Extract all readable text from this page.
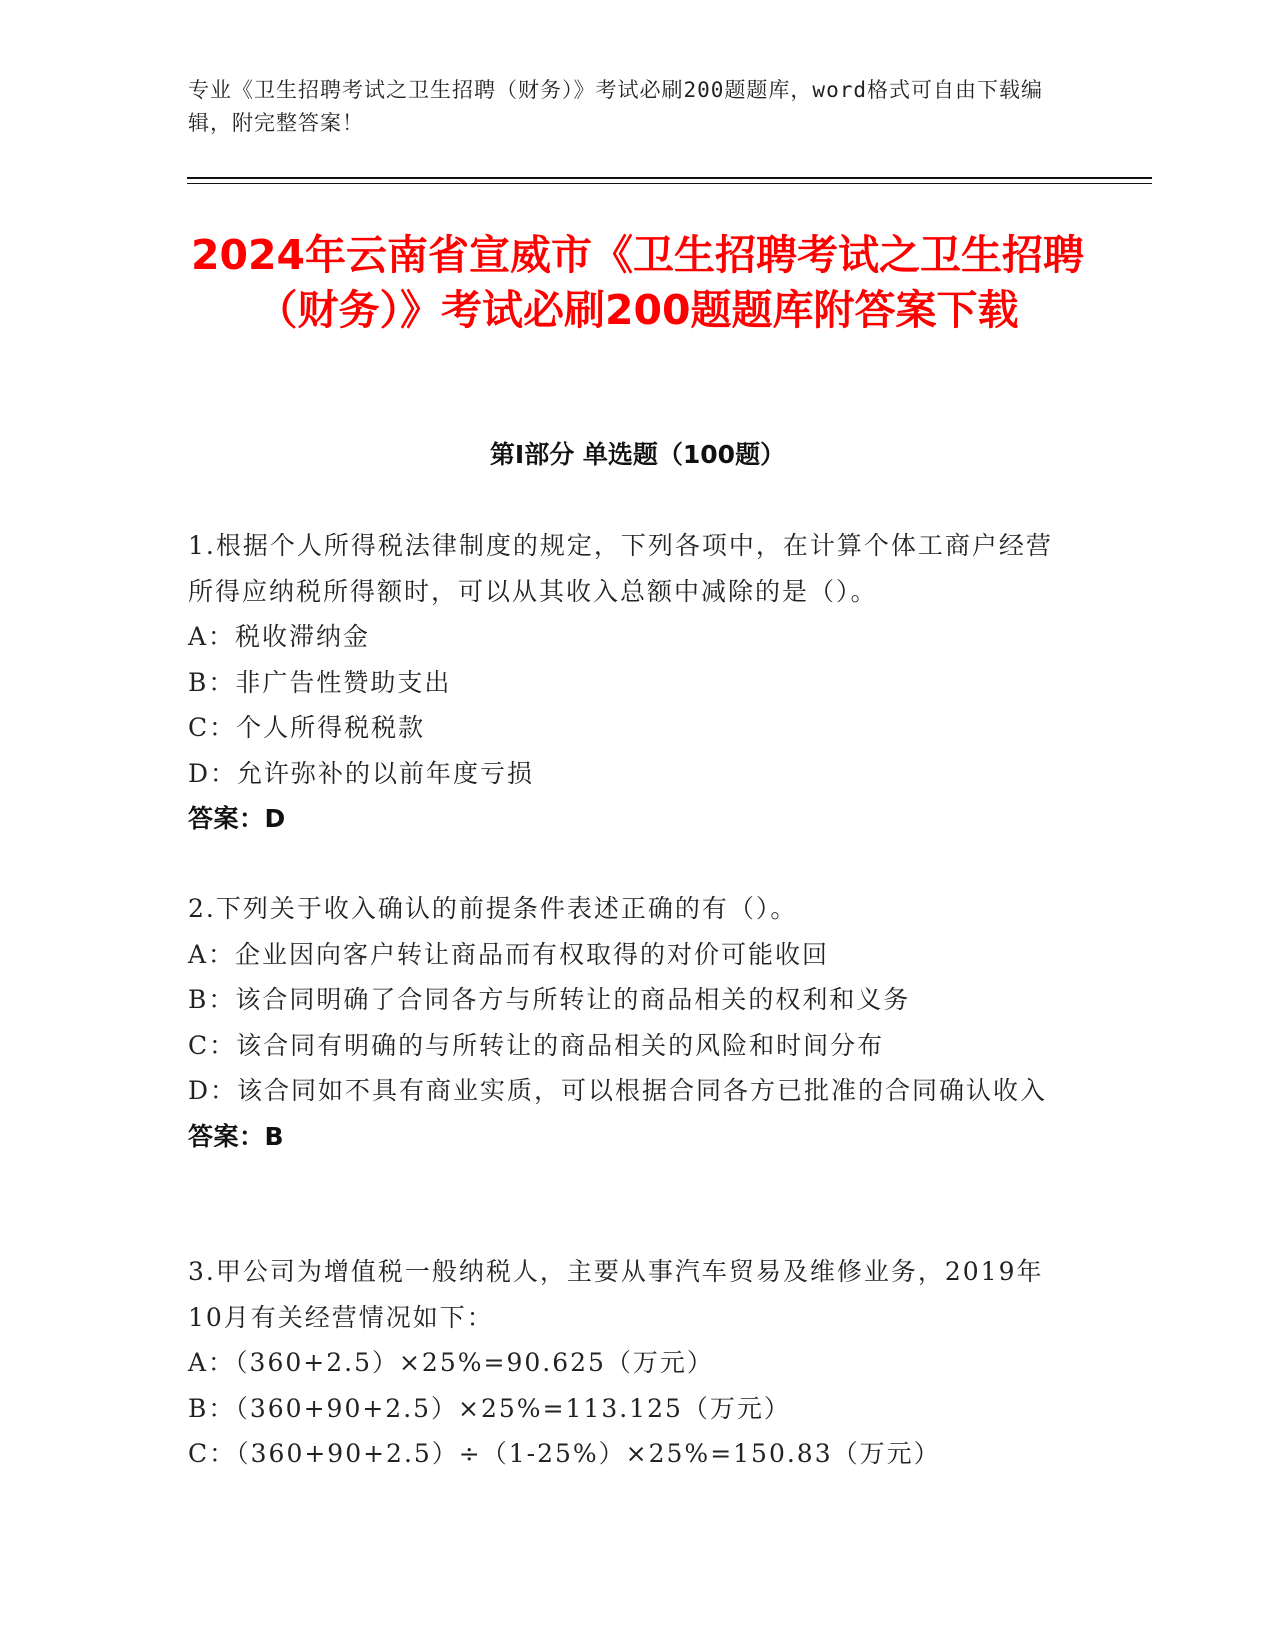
专业《卫生招聘考试之卫生招聘（财务）》考试必刷200题题库，word格式可自由下载编辑，附完整答案！
2024年云南省宣威市《卫生招聘考试之卫生招聘（财务）》考试必刷200题题库附答案下载
第I部分 单选题（100题）
1.根据个人所得税法律制度的规定，下列各项中，在计算个体工商户经营所得应纳税所得额时，可以从其收入总额中减除的是（）。
A：税收滞纳金
B：非广告性赞助支出
C：个人所得税税款
D：允许弥补的以前年度亏损
答案：D
2.下列关于收入确认的前提条件表述正确的有（）。
A：企业因向客户转让商品而有权取得的对价可能收回
B：该合同明确了合同各方与所转让的商品相关的权利和义务
C：该合同有明确的与所转让的商品相关的风险和时间分布
D：该合同如不具有商业实质，可以根据合同各方已批准的合同确认收入
答案：B
3.甲公司为增值税一般纳税人，主要从事汽车贸易及维修业务，2019年10月有关经营情况如下：
A：（360+2.5）×25%=90.625（万元）
B：（360+90+2.5）×25%=113.125（万元）
C：（360+90+2.5）÷（1-25%）×25%=150.83（万元）
